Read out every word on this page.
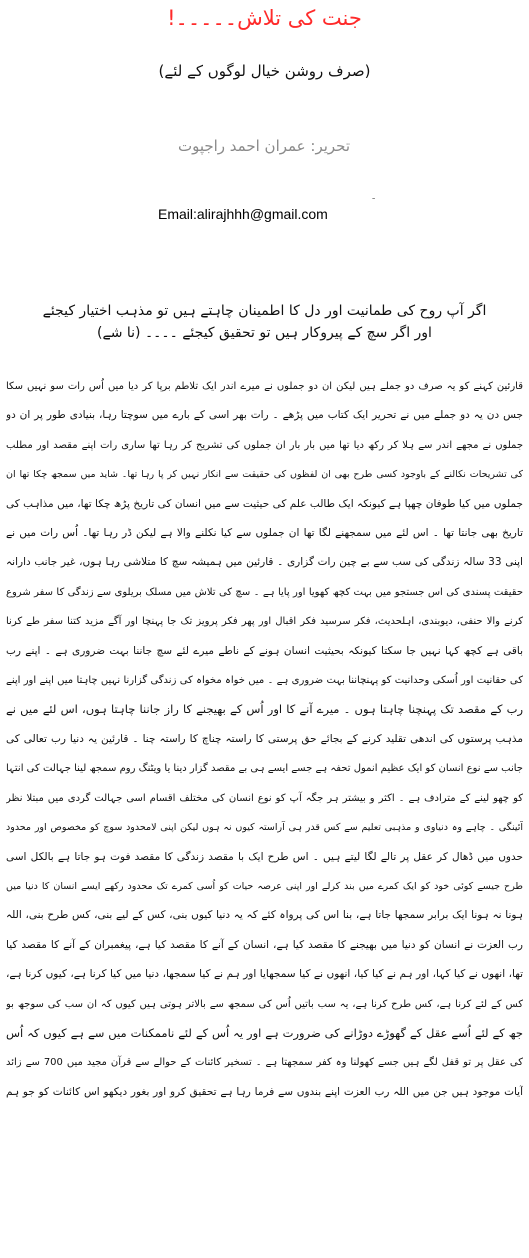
جنت کی تلاش۔۔۔۔۔!
(صرف روشن خیال لوگوں کے لئے)
تحریر: عمران احمد راجپوت
Email:alirajhhh@gmail.com
اگر آپ روح کی طمانیت اور دل کا اطمینان چاہتے ہیں تو مذہب اختیار کیجئے
اور اگر سچ کے پیروکار ہیں تو تحقیق کیجئے ۔۔۔۔ (نا شے)
قارئین کہنے کو یہ صرف دو جملے ہیں لیکن ان دو جملوں نے میرے اندر ایک تلاطم برپا کر دیا میں اُس رات سو نہیں سکا
جس دن یہ دو جملے میں نے تحریر ایک کتاب میں پڑھے ۔ رات بھر اسی کے بارے میں سوچتا رہا، بنیادی طور پر ان دو
جملوں نے مجھے اندر سے ہلا کر رکھ دیا تھا میں بار بار ان جملوں کی تشریح کر رہا تھا ساری رات اپنے مقصد اور مطلب
کی تشریحات نکالنے کے باوجود کسی طرح بھی ان لفظوں کی حقیقت سے انکار نہیں کر پا رہا تھا۔ شاید میں سمجھ چکا تھا ان
جملوں میں کیا طوفان چھپا ہے کیونکہ ایک طالب علم کی حیثیت سے میں انسان کی تاریخ پڑھ چکا تھا، میں مذاہب کی
تاریخ بھی جانتا تھا ۔ اس لئے میں سمجھنے لگا تھا ان جملوں سے کیا نکلنے والا ہے لیکن ڈر رہا تھا۔ اُس رات میں نے
اپنی 33 سالہ زندگی کی سب سے بے چین رات گزاری ۔ قارئین میں ہمیشہ سچ کا متلاشی رہا ہوں، غیر جانب دارانہ
حقیقت پسندی کی اس جستجو میں بہت کچھ کھویا اور پایا ہے ۔ سچ کی تلاش میں مسلک بریلوی سے زندگی کا سفر شروع
کرنے والا حنفی، دیوبندی، اہلحدیث، فکر سرسید فکر اقبال اور پھر فکر پرویز تک جا پہنچا اور آگے مزید کتنا سفر طے کرنا
باقی ہے کچھ کہا نہیں جا سکتا کیونکہ بحیثیت انسان ہونے کے ناطے میرے لئے سچ جاننا بہت ضروری ہے ۔ اپنے رب
کی حقانیت اور اُسکی وحدانیت کو پہنچاننا بہت ضروری ہے ۔ میں خواہ مخواہ کی زندگی گزارنا نہیں چاہتا میں اپنے اور اپنے
رب کے مقصد تک پہنچنا چاہتا ہوں ۔ میرے آنے کا اور اُس کے بھیجنے کا راز جاننا چاہتا ہوں، اس لئے میں نے
مذہب پرستوں کی اندھی تقلید کرنے کے بجائے حق پرستی کا راستہ چناچ کا راستہ چنا ۔ قارئین یہ دنیا رب تعالی کی
جانب سے نوع انسان کو ایک عظیم انمول تحفہ ہے جسے ایسے ہی بے مقصد گزار دینا یا ویٹنگ روم سمجھ لینا جہالت کی انتہا
کو چھو لینے کے مترادف ہے ۔ اکثر و بیشتر ہر جگہ آپ کو نوع انسان کی مختلف اقسام اسی جہالت گردی میں مبتلا نظر
آئینگی ۔ چاہے وہ دنیاوی و مذہبی تعلیم سے کس قدر ہی آراستہ کیوں نہ ہوں لیکن اپنی لامحدود سوچ کو مخصوص اور محدود
حدوں میں ڈھال کر عقل پر تالے لگا لیتے ہیں ۔ اس طرح ایک با مقصد زندگی کا مقصد فوت ہو جاتا ہے بالکل اسی
طرح جیسے کوئی خود کو ایک کمرے میں بند کرلے اور اپنی عرصہ حیات کو اُسی کمرے تک محدود رکھے ایسے انسان کا دنیا میں
ہونا نہ ہونا ایک برابر سمجھا جاتا ہے، بنا اس کی پرواہ کئے کہ یہ دنیا کیوں بنی، کس کے لیے بنی، کس طرح بنی، اللہ
رب العزت نے انسان کو دنیا میں بھیجنے کا مقصد کیا ہے، انسان کے آنے کا مقصد کیا ہے، پیغمبران کے آنے کا مقصد کیا
تھا، انھوں نے کیا کہا، اور ہم نے کیا کیا، انھوں نے کیا سمجھایا اور ہم نے کیا سمجھا، دنیا میں کیا کرنا ہے، کیوں کرنا ہے،
کس کے لئے کرنا ہے، کس طرح کرنا ہے، یہ سب باتیں اُس کی سمجھ سے بالاتر ہوتی ہیں کیوں کہ ان سب کی سوجھ بو
جھ کے لئے اُسے عقل کے گھوڑے دوڑانے کی ضرورت ہے اور یہ اُس کے لئے ناممکنات میں سے ہے کیوں کہ اُس
کی عقل پر تو قفل لگے ہیں جسے کھولنا وہ کفر سمجھتا ہے ۔ تسخیر کائنات کے حوالے سے قرآن مجید میں 700 سے زائد
آیات موجود ہیں جن میں اللہ رب العزت اپنے بندوں سے فرما رہا ہے تحقیق کرو اور بغور دیکھو اس کائنات کو جو ہم
